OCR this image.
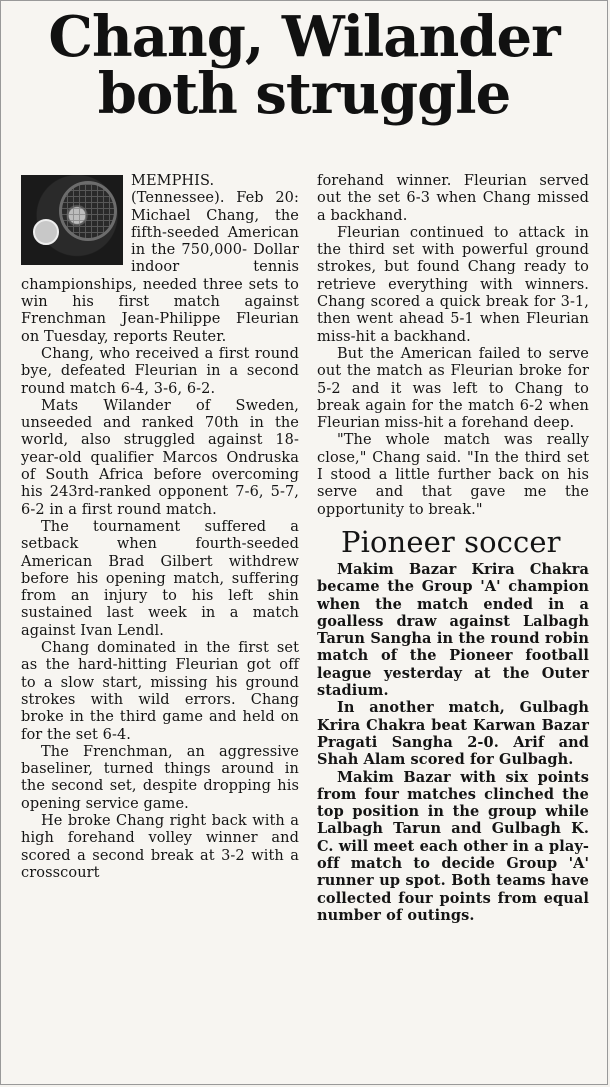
Chang, Wilander
both struggle

MEMPHIS. (Tennessee). Feb 20: Michael Chang, the fifth-seeded American in the 750,000- Dollar indoor tennis championships, needed three sets to win his first match against Frenchman Jean-Philippe Fleurian on Tuesday, reports Reuter.

Chang, who received a first round bye, defeated Fleurian in a second round match 6-4, 3-6, 6-2.

Mats Wilander of Sweden, unseeded and ranked 70th in the world, also struggled against 18-year-old qualifier Marcos Ondruska of South Africa before overcoming his 243rd-ranked opponent 7-6, 5-7, 6-2 in a first round match.

The tournament suffered a setback when fourth-seeded American Brad Gilbert withdrew before his opening match, suffering from an injury to his left shin sustained last week in a match against Ivan Lendl.

Chang dominated in the first set as the hard-hitting Fleurian got off to a slow start, missing his ground strokes with wild errors. Chang broke in the third game and held on for the set 6-4.

The Frenchman, an aggressive baseliner, turned things around in the second set, despite dropping his opening service game.

He broke Chang right back with a high forehand volley winner and scored a second break at 3-2 with a crosscourt

forehand winner. Fleurian served out the set 6-3 when Chang missed a backhand.

Fleurian continued to attack in the third set with powerful ground strokes, but found Chang ready to retrieve everything with winners. Chang scored a quick break for 3-1, then went ahead 5-1 when Fleurian miss-hit a backhand.

But the American failed to serve out the match as Fleurian broke for 5-2 and it was left to Chang to break again for the match 6-2 when Fleurian miss-hit a forehand deep.

"The whole match was really close," Chang said. "In the third set I stood a little further back on his serve and that gave me the opportunity to break."

Pioneer soccer

Makim Bazar Krira Chakra became the Group 'A' champion when the match ended in a goalless draw against Lalbagh Tarun Sangha in the round robin match of the Pioneer football league yesterday at the Outer stadium.

In another match, Gulbagh Krira Chakra beat Karwan Bazar Pragati Sangha 2-0. Arif and Shah Alam scored for Gulbagh.

Makim Bazar with six points from four matches clinched the top position in the group while Lalbagh Tarun and Gulbagh K. C. will meet each other in a play-off match to decide Group 'A' runner up spot. Both teams have collected four points from equal number of outings.
